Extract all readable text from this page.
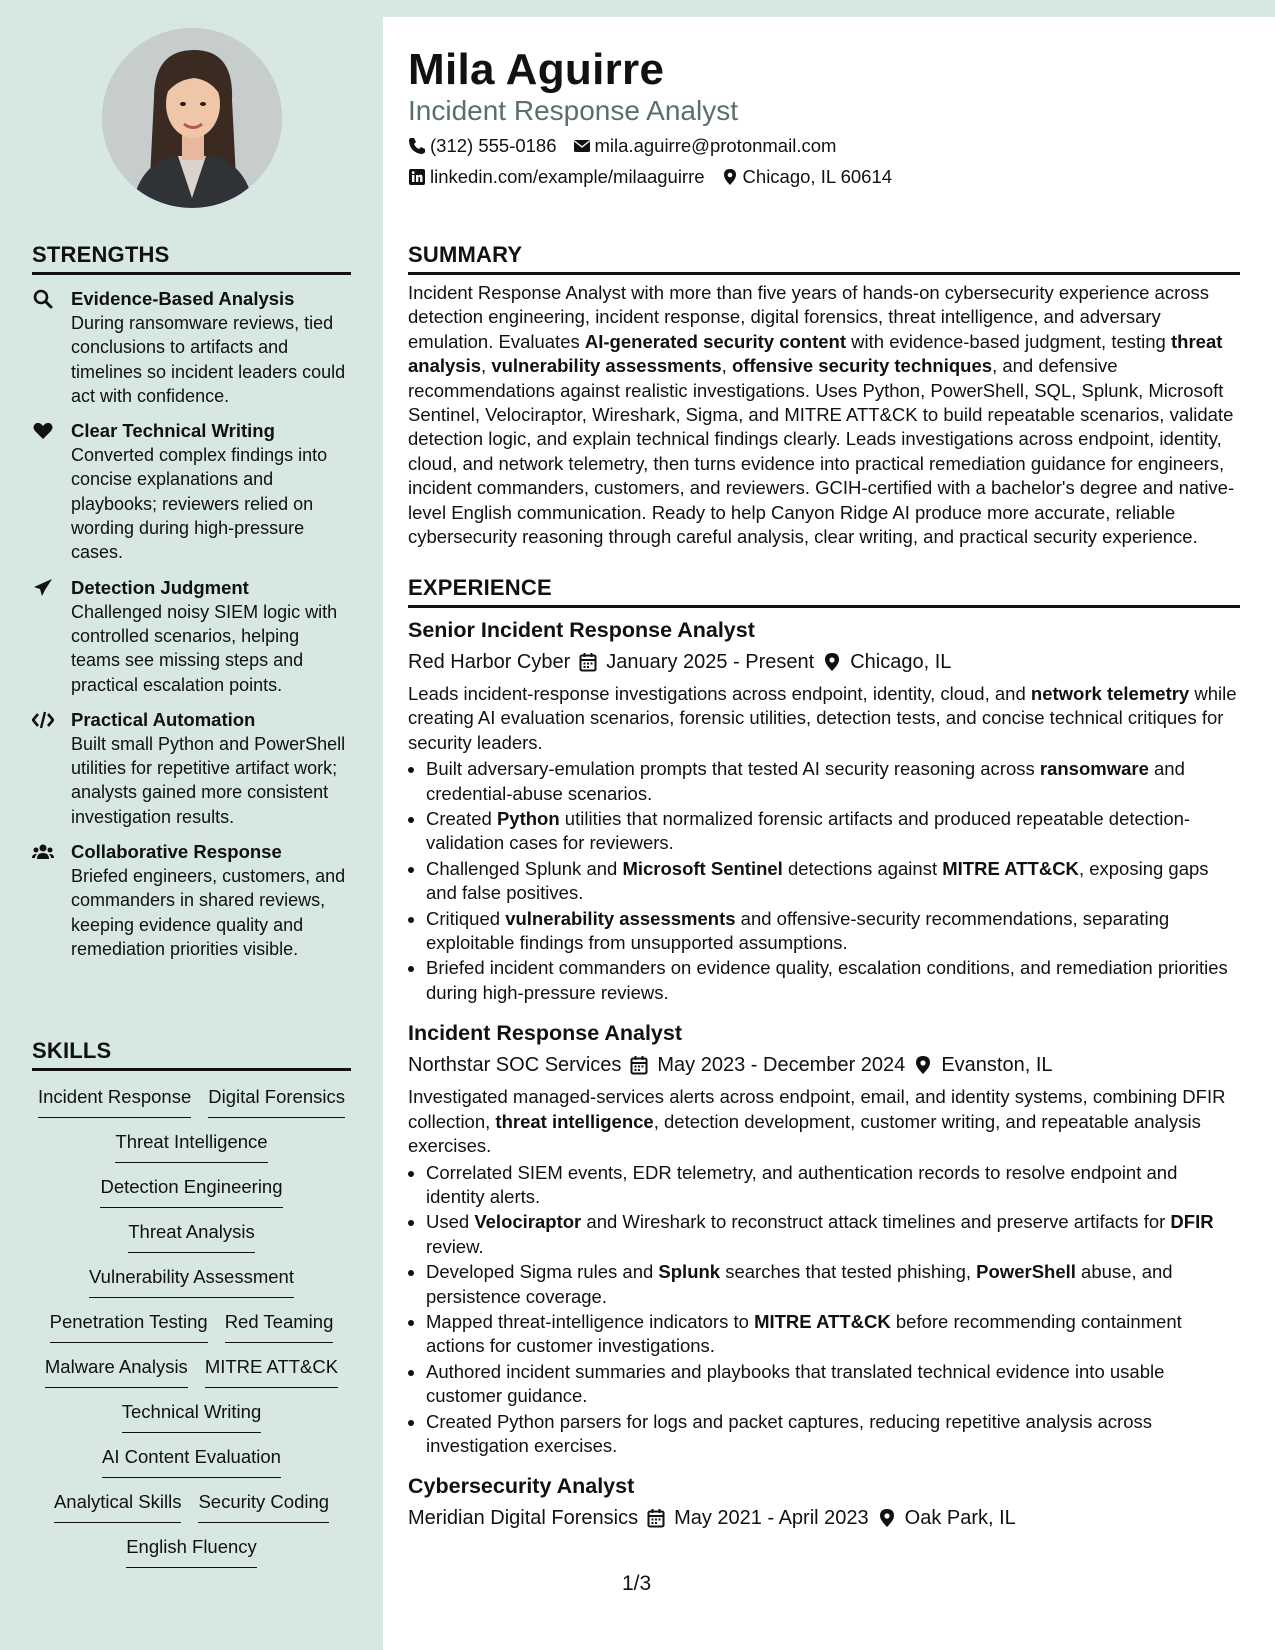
STRENGTHS
Evidence-Based Analysis
During ransomware reviews, tied conclusions to artifacts and timelines so incident leaders could act with confidence.
Clear Technical Writing
Converted complex findings into concise explanations and playbooks; reviewers relied on wording during high-pressure cases.
Detection Judgment
Challenged noisy SIEM logic with controlled scenarios, helping teams see missing steps and practical escalation points.
Practical Automation
Built small Python and PowerShell utilities for repetitive artifact work; analysts gained more consistent investigation results.
Collaborative Response
Briefed engineers, customers, and commanders in shared reviews, keeping evidence quality and remediation priorities visible.
SKILLS
Incident Response Digital Forensics
Threat Intelligence
Detection Engineering
Threat Analysis
Vulnerability Assessment
Penetration Testing Red Teaming
Malware Analysis MITRE ATT&CK
Technical Writing
AI Content Evaluation
Analytical Skills Security Coding
English Fluency
Mila Aguirre
Incident Response Analyst
(312) 555-0186 mila.aguirre@protonmail.com
linkedin.com/example/milaaguirre Chicago, IL 60614
SUMMARY
Incident Response Analyst with more than five years of hands-on cybersecurity experience across detection engineering, incident response, digital forensics, threat intelligence, and adversary emulation. Evaluates AI-generated security content with evidence-based judgment, testing threat analysis, vulnerability assessments, offensive security techniques, and defensive recommendations against realistic investigations. Uses Python, PowerShell, SQL, Splunk, Microsoft Sentinel, Velociraptor, Wireshark, Sigma, and MITRE ATT&CK to build repeatable scenarios, validate detection logic, and explain technical findings clearly. Leads investigations across endpoint, identity, cloud, and network telemetry, then turns evidence into practical remediation guidance for engineers, incident commanders, customers, and reviewers. GCIH-certified with a bachelor's degree and native-level English communication. Ready to help Canyon Ridge AI produce more accurate, reliable cybersecurity reasoning through careful analysis, clear writing, and practical security experience.
EXPERIENCE
Senior Incident Response Analyst
Red Harbor Cyber January 2025 - Present Chicago, IL
Leads incident-response investigations across endpoint, identity, cloud, and network telemetry while creating AI evaluation scenarios, forensic utilities, detection tests, and concise technical critiques for security leaders.
• Built adversary-emulation prompts that tested AI security reasoning across ransomware and credential-abuse scenarios.
• Created Python utilities that normalized forensic artifacts and produced repeatable detection-validation cases for reviewers.
• Challenged Splunk and Microsoft Sentinel detections against MITRE ATT&CK, exposing gaps and false positives.
• Critiqued vulnerability assessments and offensive-security recommendations, separating exploitable findings from unsupported assumptions.
• Briefed incident commanders on evidence quality, escalation conditions, and remediation priorities during high-pressure reviews.
Incident Response Analyst
Northstar SOC Services May 2023 - December 2024 Evanston, IL
Investigated managed-services alerts across endpoint, email, and identity systems, combining DFIR collection, threat intelligence, detection development, customer writing, and repeatable analysis exercises.
• Correlated SIEM events, EDR telemetry, and authentication records to resolve endpoint and identity alerts.
• Used Velociraptor and Wireshark to reconstruct attack timelines and preserve artifacts for DFIR review.
• Developed Sigma rules and Splunk searches that tested phishing, PowerShell abuse, and persistence coverage.
• Mapped threat-intelligence indicators to MITRE ATT&CK before recommending containment actions for customer investigations.
• Authored incident summaries and playbooks that translated technical evidence into usable customer guidance.
• Created Python parsers for logs and packet captures, reducing repetitive analysis across investigation exercises.
Cybersecurity Analyst
Meridian Digital Forensics May 2021 - April 2023 Oak Park, IL
1/3
